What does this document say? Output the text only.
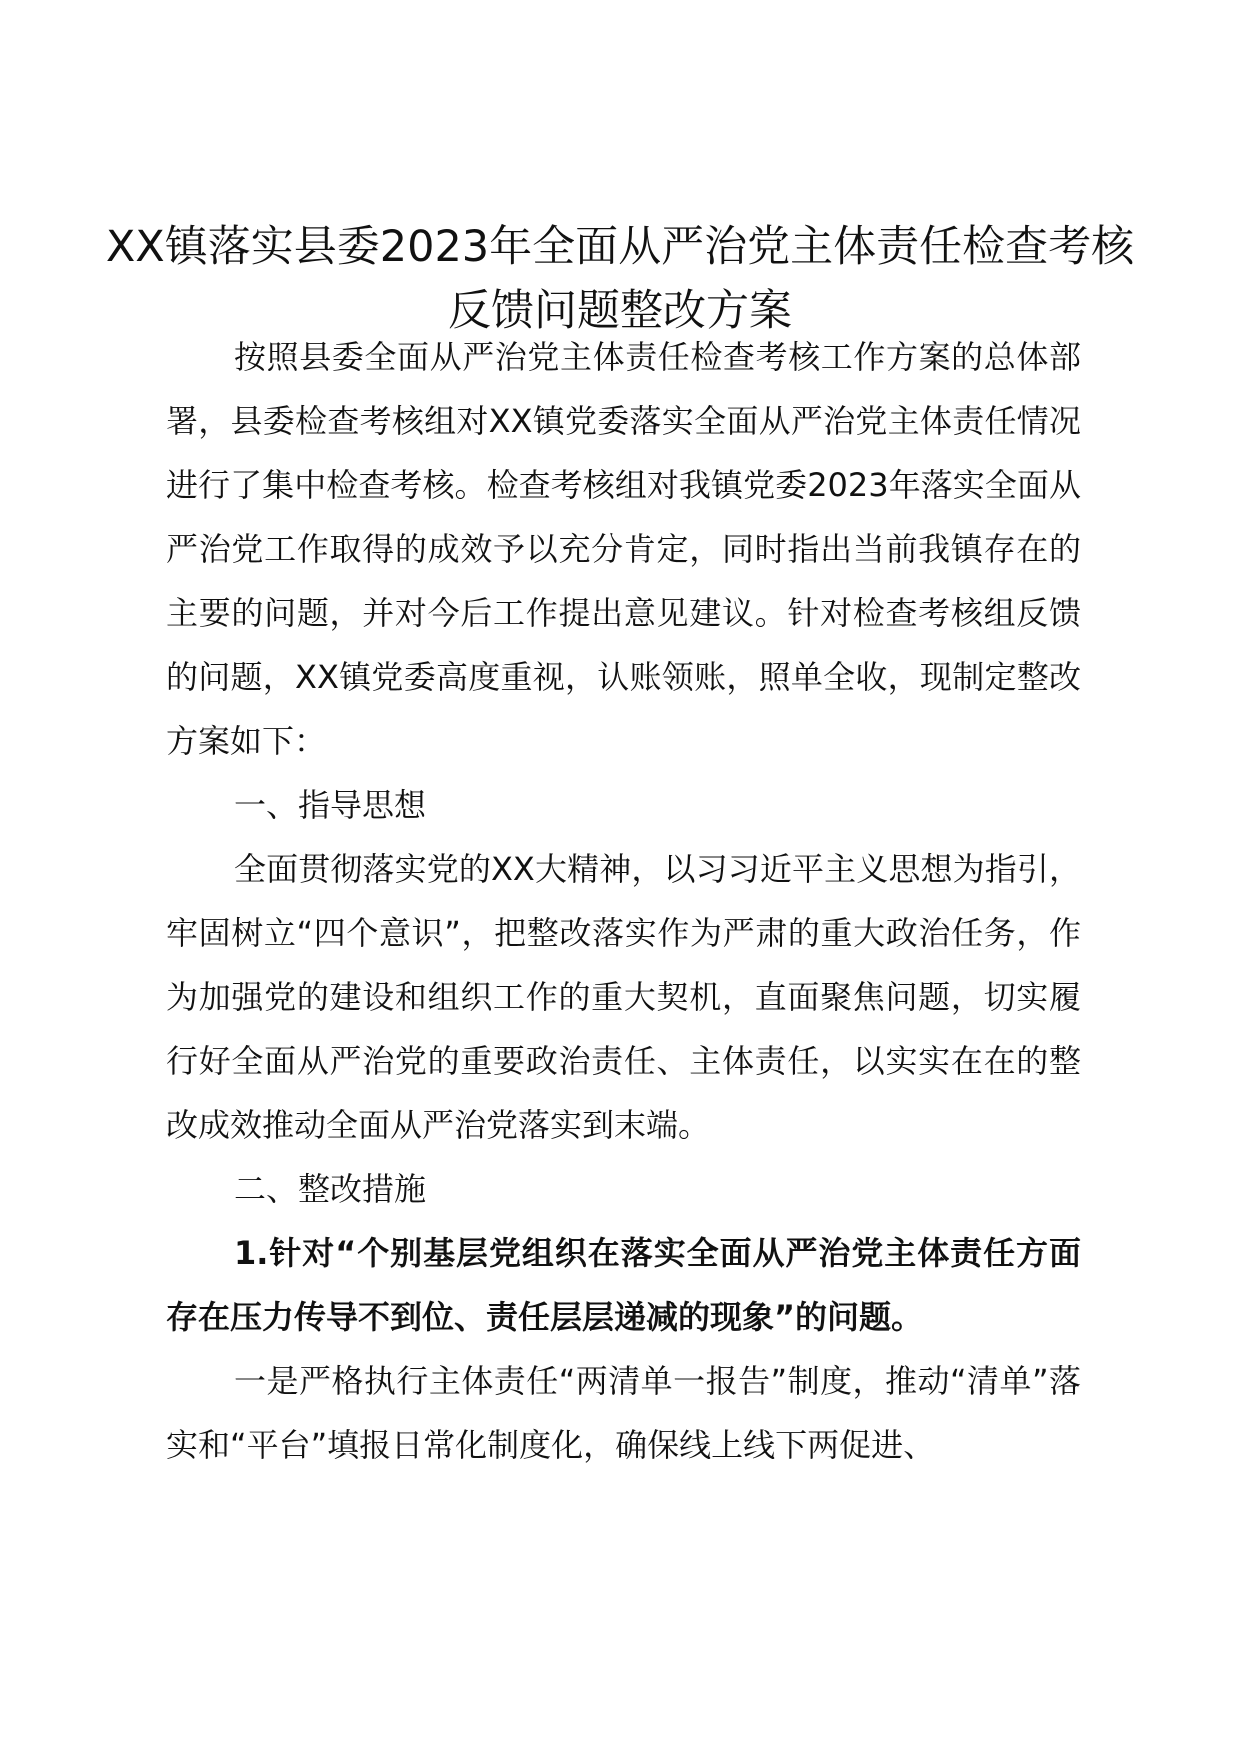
XX镇落实县委2023年全面从严治党主体责任检查考核反馈问题整改方案

按照县委全面从严治党主体责任检查考核工作方案的总体部署，县委检查考核组对XX镇党委落实全面从严治党主体责任情况进行了集中检查考核。检查考核组对我镇党委2023年落实全面从严治党工作取得的成效予以充分肯定，同时指出当前我镇存在的主要的问题，并对今后工作提出意见建议。针对检查考核组反馈的问题，XX镇党委高度重视，认账领账，照单全收，现制定整改方案如下：

一、指导思想

全面贯彻落实党的XX大精神，以习习近平主义思想为指引，牢固树立“四个意识”，把整改落实作为严肃的重大政治任务，作为加强党的建设和组织工作的重大契机，直面聚焦问题，切实履行好全面从严治党的重要政治责任、主体责任，以实实在在的整改成效推动全面从严治党落实到末端。

二、整改措施

1.针对“个别基层党组织在落实全面从严治党主体责任方面存在压力传导不到位、责任层层递减的现象”的问题。

一是严格执行主体责任“两清单一报告”制度，推动“清单”落实和“平台”填报日常化制度化，确保线上线下两促进、
